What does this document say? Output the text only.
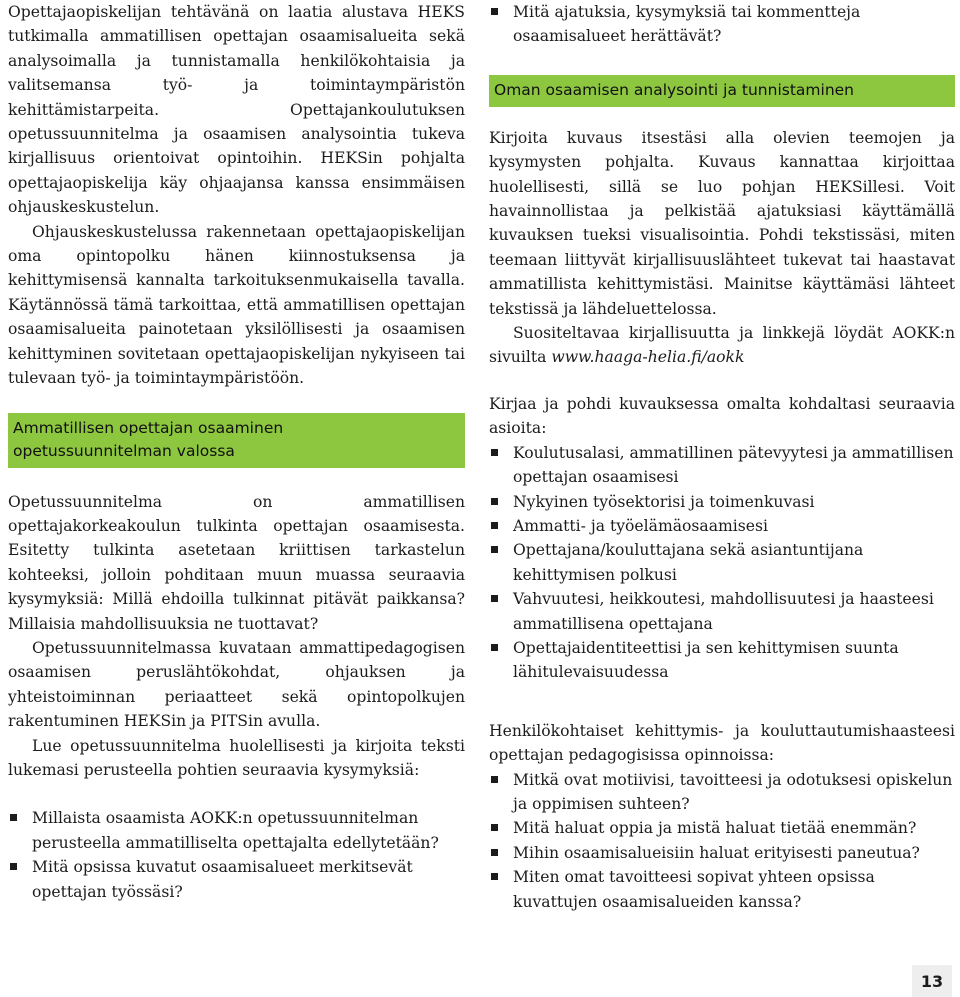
Opettajaopiskelijan tehtävänä on laatia alustava HEKS tutkimalla ammatillisen opettajan osaamisalueita sekä analysoimalla ja tunnistamalla henkilökohtaisia ja valitsemansa työ- ja toimintaympäristön kehittämistarpeita. Opettajankoulutuksen opetussuunnitelma ja osaamisen analysointia tukeva kirjallisuus orientoivat opintoihin. HEKSin pohjalta opettajaopiskelija käy ohjaajansa kanssa ensimmäisen ohjauskeskustelun.

Ohjauskeskustelussa rakennetaan opettajaopiskelijan oma opintopolku hänen kiinnostuksensa ja kehittymisensä kannalta tarkoituksenmukaisella tavalla. Käytännössä tämä tarkoittaa, että ammatillisen opettajan osaamisalueita painotetaan yksilöllisesti ja osaamisen kehittyminen sovitetaan opettajaopiskelijan nykyiseen tai tulevaan työ- ja toimintaympäristöön.

Ammatillisen opettajan osaaminen
opetussuunnitelman valossa

Opetussuunnitelma on ammatillisen opettajakorkeakoulun tulkinta opettajan osaamisesta. Esitetty tulkinta asetetaan kriittisen tarkastelun kohteeksi, jolloin pohditaan muun muassa seuraavia kysymyksiä: Millä ehdoilla tulkinnat pitävät paikkansa? Millaisia mahdollisuuksia ne tuottavat?

Opetussuunnitelmassa kuvataan ammattipedagogisen osaamisen peruslähtökohdat, ohjauksen ja yhteistoiminnan periaatteet sekä opintopolkujen rakentuminen HEKSin ja PITSin avulla.

Lue opetussuunnitelma huolellisesti ja kirjoita teksti lukemasi perusteella pohtien seuraavia kysymyksiä:

Millaista osaamista AOKK:n opetussuunnitelman perusteella ammatilliselta opettajalta edellytetään?
Mitä opsissa kuvatut osaamisalueet merkitsevät opettajan työssäsi?
Mitä ajatuksia, kysymyksiä tai kommentteja osaamisalueet herättävät?
Oman osaamisen analysointi ja tunnistaminen

Kirjoita kuvaus itsestäsi alla olevien teemojen ja kysymysten pohjalta. Kuvaus kannattaa kirjoittaa huolellisesti, sillä se luo pohjan HEKSillesi. Voit havainnollistaa ja pelkistää ajatuksiasi käyttämällä kuvauksen tueksi visualisointia. Pohdi tekstissäsi, miten teemaan liittyvät kirjallisuuslähteet tukevat tai haastavat ammatillista kehittymistäsi. Mainitse käyttämäsi lähteet tekstissä ja lähdeluettelossa.

Suositeltavaa kirjallisuutta ja linkkejä löydät AOKK:n sivuilta www.haaga-helia.fi/aokk

Kirjaa ja pohdi kuvauksessa omalta kohdaltasi seuraavia asioita:

Koulutusalasi, ammatillinen pätevyytesi ja ammatillisen opettajan osaamisesi
Nykyinen työsektorisi ja toimenkuvasi
Ammatti- ja työelämäosaamisesi
Opettajana/kouluttajana sekä asiantuntijana kehittymisen polkusi
Vahvuutesi, heikkoutesi, mahdollisuutesi ja haasteesi ammatillisena opettajana
Opettajaidentiteettisi ja sen kehittymisen suunta lähitulevaisuudessa

Henkilökohtaiset kehittymis- ja kouluttautumishaasteesi opettajan pedagogisissa opinnoissa:

Mitkä ovat motiivisi, tavoitteesi ja odotuksesi opiskelun ja oppimisen suhteen?
Mitä haluat oppia ja mistä haluat tietää enemmän?
Mihin osaamisalueisiin haluat erityisesti paneutua?
Miten omat tavoitteesi sopivat yhteen opsissa kuvattujen osaamisalueiden kanssa?
13
